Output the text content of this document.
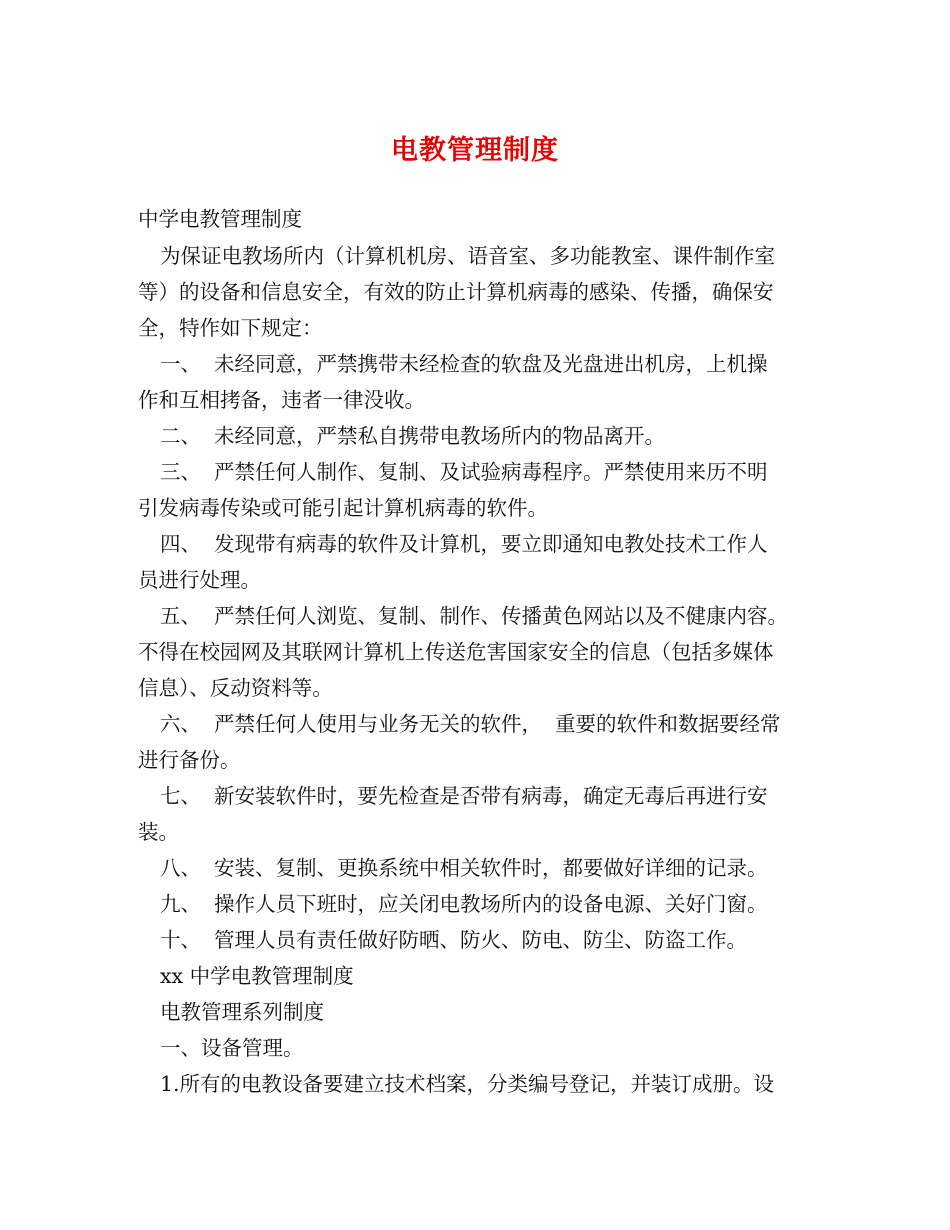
电教管理制度
中学电教管理制度
为保证电教场所内（计算机机房、语音室、多功能教室、课件制作室
等）的设备和信息安全，有效的防止计算机病毒的感染、传播，确保安
全，特作如下规定：
一、 未经同意，严禁携带未经检查的软盘及光盘进出机房，上机操
作和互相拷备，违者一律没收。
二、 未经同意，严禁私自携带电教场所内的物品离开。
三、 严禁任何人制作、复制、及试验病毒程序。严禁使用来历不明
引发病毒传染或可能引起计算机病毒的软件。
四、 发现带有病毒的软件及计算机，要立即通知电教处技术工作人
员进行处理。
五、 严禁任何人浏览、复制、制作、传播黄色网站以及不健康内容。
不得在校园网及其联网计算机上传送危害国家安全的信息（包括多媒体
信息）、反动资料等。
六、 严禁任何人使用与业务无关的软件，  重要的软件和数据要经常
进行备份。
七、 新安装软件时，要先检查是否带有病毒，确定无毒后再进行安
装。
八、 安装、复制、更换系统中相关软件时，都要做好详细的记录。
九、 操作人员下班时，应关闭电教场所内的设备电源、关好门窗。
十、 管理人员有责任做好防晒、防火、防电、防尘、防盗工作。
xx 中学电教管理制度
电教管理系列制度
一、设备管理。
1.所有的电教设备要建立技术档案，分类编号登记，并装订成册。设
